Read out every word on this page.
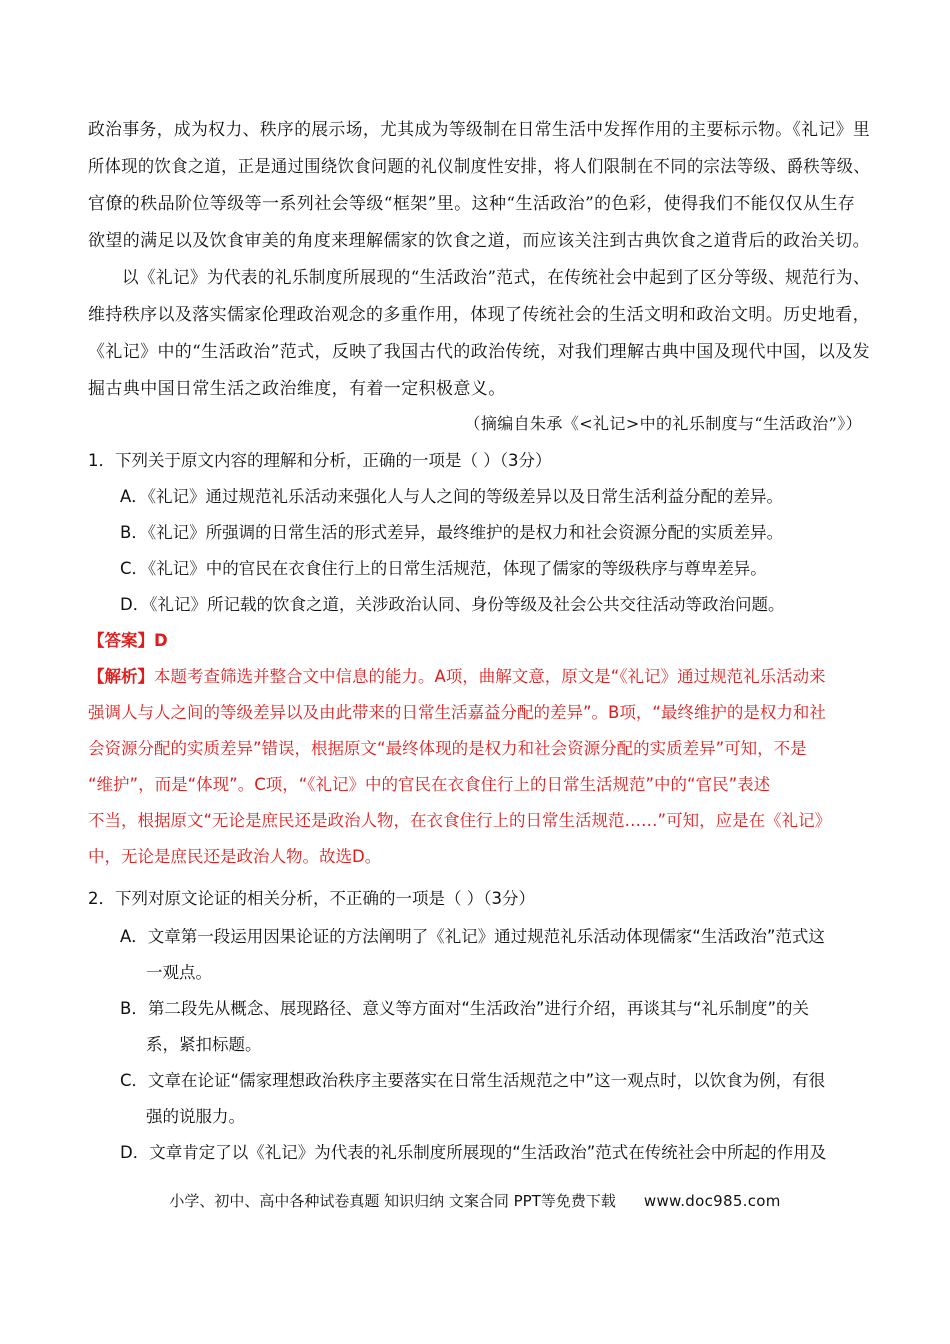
政治事务，成为权力、秩序的展示场，尤其成为等级制在日常生活中发挥作用的主要标示物。《礼记》里
所体现的饮食之道，正是通过围绕饮食问题的礼仪制度性安排，将人们限制在不同的宗法等级、爵秩等级、
官僚的秩品阶位等级等一系列社会等级“框架”里。这种“生活政治”的色彩，使得我们不能仅仅从生存
欲望的满足以及饮食审美的角度来理解儒家的饮食之道，而应该关注到古典饮食之道背后的政治关切。
以《礼记》为代表的礼乐制度所展现的“生活政治”范式，在传统社会中起到了区分等级、规范行为、
维持秩序以及落实儒家伦理政治观念的多重作用，体现了传统社会的生活文明和政治文明。历史地看，
《礼记》中的“生活政治”范式，反映了我国古代的政治传统，对我们理解古典中国及现代中国，以及发
掘古典中国日常生活之政治维度，有着一定积极意义。
（摘编自朱承《<礼记>中的礼乐制度与“生活政治”》）
1．下列关于原文内容的理解和分析，正确的一项是（ ）（3分）
A．《礼记》通过规范礼乐活动来强化人与人之间的等级差异以及日常生活利益分配的差异。
B．《礼记》所强调的日常生活的形式差异，最终维护的是权力和社会资源分配的实质差异。
C．《礼记》中的官民在衣食住行上的日常生活规范，体现了儒家的等级秩序与尊卑差异。
D．《礼记》所记载的饮食之道，关涉政治认同、身份等级及社会公共交往活动等政治问题。
【答案】D
【解析】本题考查筛选并整合文中信息的能力。A项，曲解文意，原文是“《礼记》通过规范礼乐活动来
强调人与人之间的等级差异以及由此带来的日常生活嘉益分配的差异”。B项，“最终维护的是权力和社
会资源分配的实质差异”错误，根据原文“最终体现的是权力和社会资源分配的实质差异”可知，不是
“维护”，而是“体现”。C项，“《礼记》中的官民在衣食住行上的日常生活规范”中的“官民”表述
不当，根据原文“无论是庶民还是政治人物，在衣食住行上的日常生活规范……”可知，应是在《礼记》
中，无论是庶民还是政治人物。故选D。
2．下列对原文论证的相关分析，不正确的一项是（ ）（3分）
A．文章第一段运用因果论证的方法阐明了《礼记》通过规范礼乐活动体现儒家“生活政治”范式这
一观点。
B．第二段先从概念、展现路径、意义等方面对“生活政治”进行介绍，再谈其与“礼乐制度”的关
系，紧扣标题。
C．文章在论证“儒家理想政治秩序主要落实在日常生活规范之中”这一观点时，以饮食为例，有很
强的说服力。
D．文章肯定了以《礼记》为代表的礼乐制度所展现的“生活政治”范式在传统社会中所起的作用及
小学、初中、高中各种试卷真题 知识归纳 文案合同 PPT等免费下载 www.doc985.com
